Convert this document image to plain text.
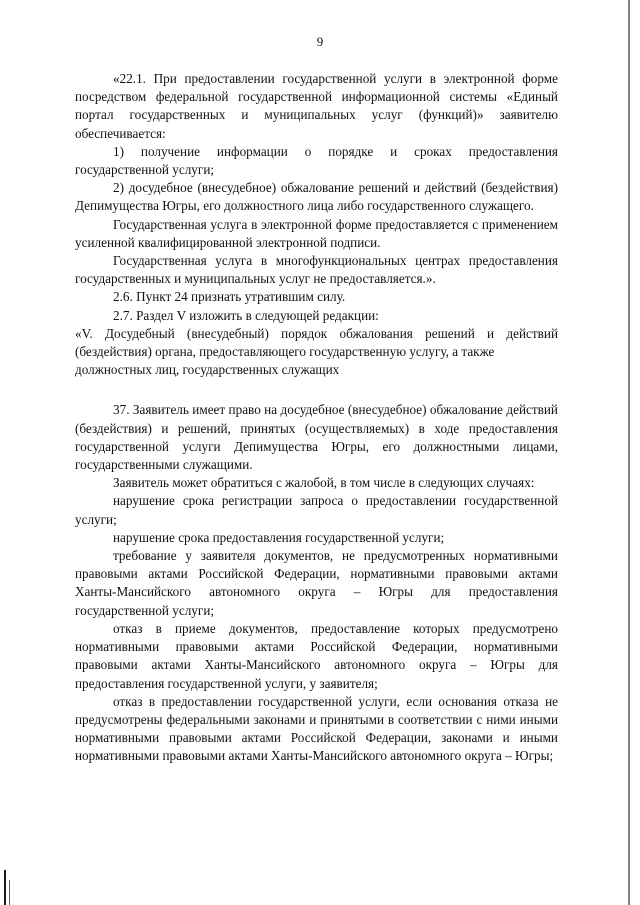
9

«22.1. При предоставлении государственной услуги в электронной форме посредством федеральной государственной информационной системы «Единый портал государственных и муниципальных услуг (функций)» заявителю обеспечивается:

1) получение информации о порядке и сроках предоставления государственной услуги;

2) досудебное (внесудебное) обжалование решений и действий (бездействия) Депимущества Югры, его должностного лица либо государственного служащего.

Государственная услуга в электронной форме предоставляется с применением усиленной квалифицированной электронной подписи.

Государственная услуга в многофункциональных центрах предоставления государственных и муниципальных услуг не предоставляется.».

2.6. Пункт 24 признать утратившим силу.

2.7. Раздел V изложить в следующей редакции:

«V. Досудебный (внесудебный) порядок обжалования решений и действий (бездействия) органа, предоставляющего государственную услугу, а также

должностных лиц, государственных служащих

37. Заявитель имеет право на досудебное (внесудебное) обжалование действий (бездействия) и решений, принятых (осуществляемых) в ходе предоставления государственной услуги Депимущества Югры, его должностными лицами, государственными служащими.

Заявитель может обратиться с жалобой, в том числе в следующих случаях:

нарушение срока регистрации запроса о предоставлении государственной услуги;

нарушение срока предоставления государственной услуги;

требование у заявителя документов, не предусмотренных нормативными правовыми актами Российской Федерации, нормативными правовыми актами Ханты-Мансийского автономного округа – Югры для предоставления государственной услуги;

отказ в приеме документов, предоставление которых предусмотрено нормативными правовыми актами Российской Федерации, нормативными правовыми актами Ханты-Мансийского автономного округа – Югры для предоставления государственной услуги, у заявителя;

отказ в предоставлении государственной услуги, если основания отказа не предусмотрены федеральными законами и принятыми в соответствии с ними иными нормативными правовыми актами Российской Федерации, законами и иными нормативными правовыми актами Ханты-Мансийского автономного округа – Югры;
